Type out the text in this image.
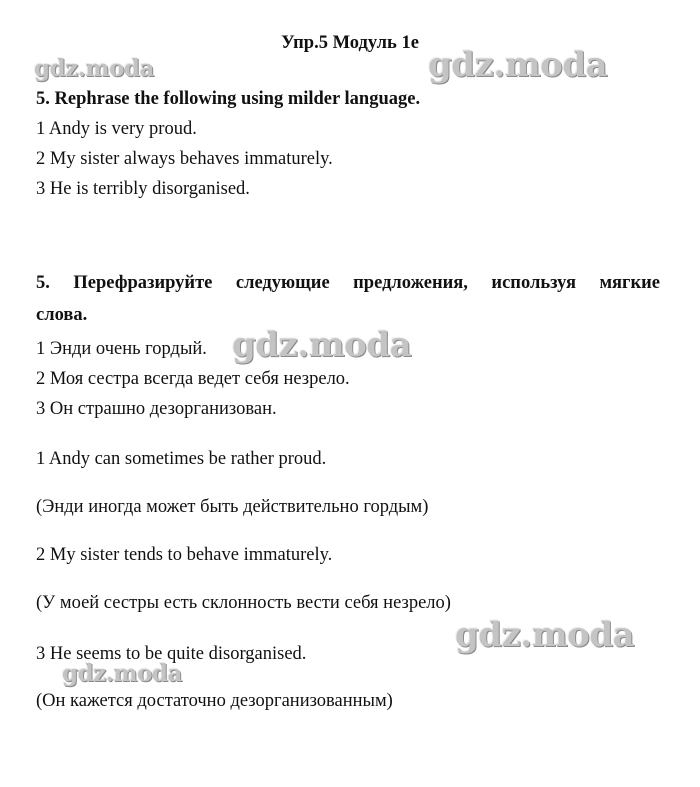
Упр.5 Модуль 1e
gdz.moda	gdz.moda
5. Rephrase the following using milder language.
1 Andy is very proud.
2 My sister always behaves immaturely.
3 He is terribly disorganised.
5. Перефразируйте следующие предложения, используя мягкие
слова.
1 Энди очень гордый. gdz.moda
2 Моя сестра всегда ведет себя незрело.
3 Он страшно дезорганизован.
1 Andy can sometimes be rather proud.
(Энди иногда может быть действительно гордым)
2 My sister tends to behave immaturely.
(У моей сестры есть склонность вести себя незрело)
gdz.moda
3 He seems to be quite disorganised.
gdz.moda
(Он кажется достаточно дезорганизованным)
